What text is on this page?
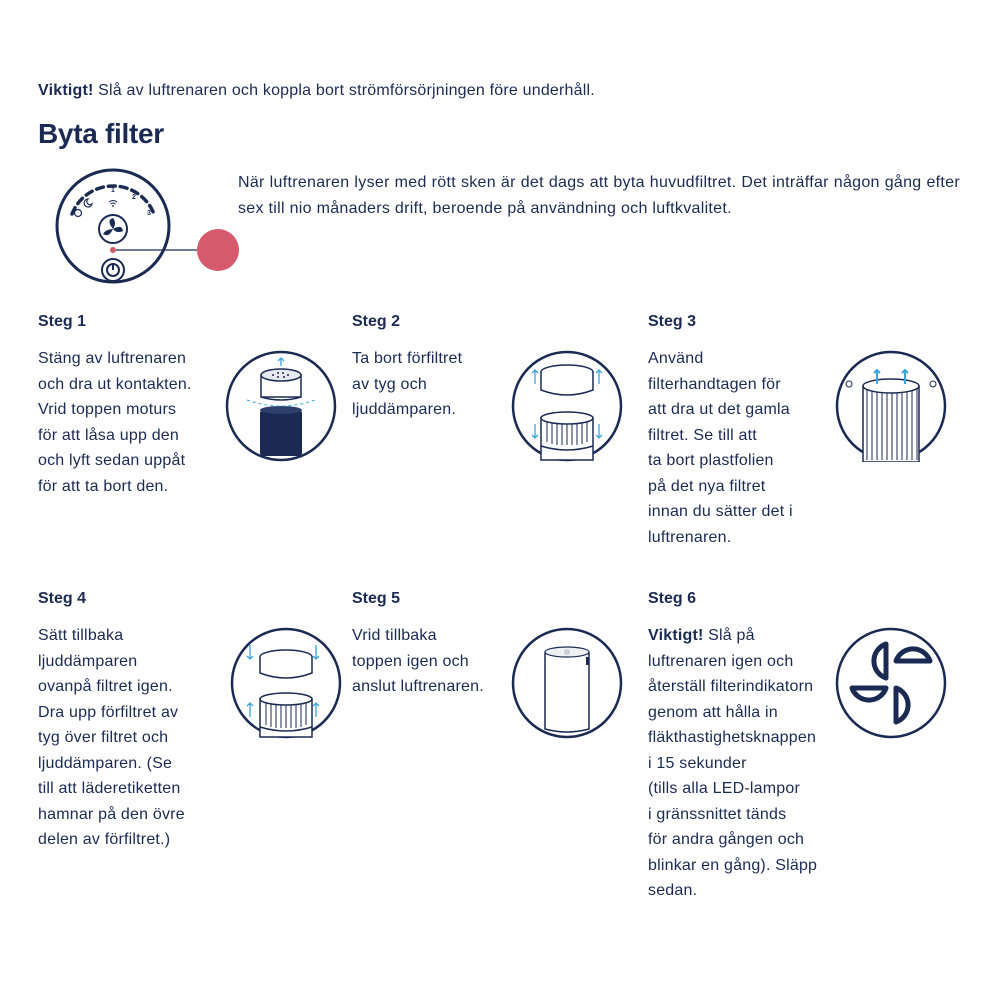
Viktigt! Slå av luftrenaren och koppla bort strömförsörjningen före underhåll.
Byta filter
1
2
3
När luftrenaren lyser med rött sken är det dags att byta huvudfiltret. Det inträffar någon gång efter sex till nio månaders drift, beroende på användning och luftkvalitet.
Steg 1
Stäng av luftrenaren
och dra ut kontakten.
Vrid toppen moturs
för att låsa upp den
och lyft sedan uppåt
för att ta bort den.
Steg 2
Ta bort förfiltret
av tyg och
ljuddämparen.
Steg 3
Använd
filterhandtagen för
att dra ut det gamla
filtret. Se till att
ta bort plastfolien
på det nya filtret
innan du sätter det i
luftrenaren.
Steg 4
Sätt tillbaka
ljuddämparen
ovanpå filtret igen.
Dra upp förfiltret av
tyg över filtret och
ljuddämparen. (Se
till att läderetiketten
hamnar på den övre
delen av förfiltret.)
Steg 5
Vrid tillbaka
toppen igen och
anslut luftrenaren.
Steg 6
Viktigt! Slå på
luftrenaren igen och
återställ filterindikatorn
genom att hålla in
fläkthastighetsknappen
i 15 sekunder
(tills alla LED-lampor
i gränssnittet tänds
för andra gången och
blinkar en gång). Släpp
sedan.
